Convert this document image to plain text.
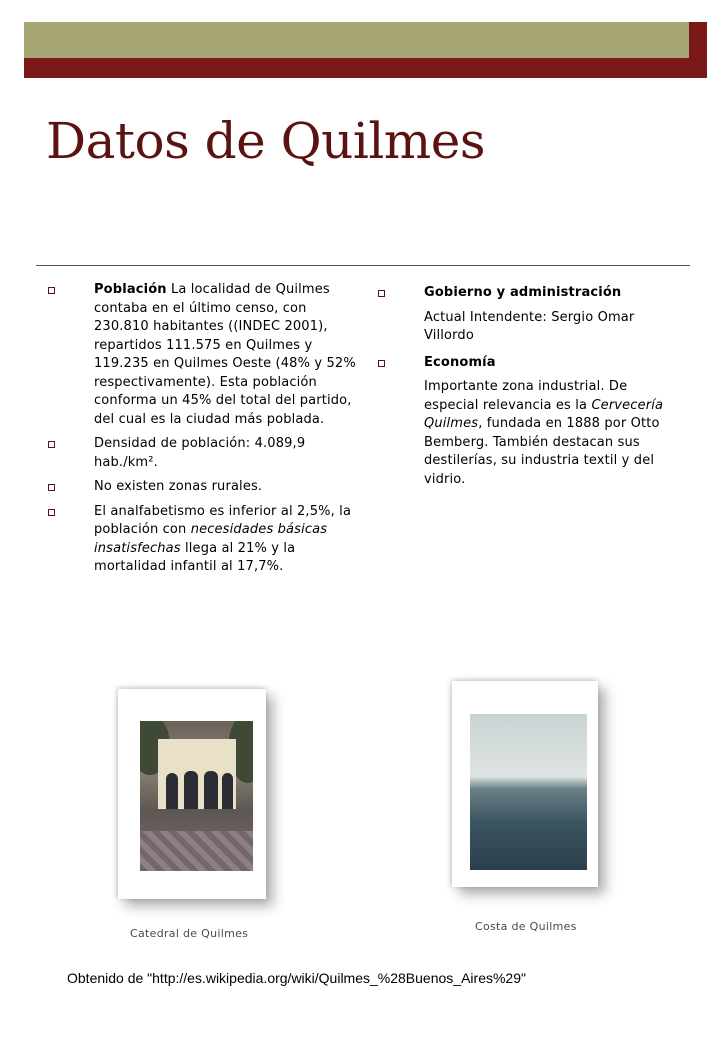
Datos de Quilmes
Población La localidad de Quilmes contaba en el último censo, con 230.810 habitantes ((INDEC 2001), repartidos 111.575 en Quilmes y 119.235 en Quilmes Oeste (48% y 52% respectivamente). Esta población conforma un 45% del total del partido, del cual es la ciudad más poblada.
Densidad de población: 4.089,9 hab./km².
No existen zonas rurales.
El analfabetismo es inferior al 2,5%, la población con necesidades básicas insatisfechas llega al 21% y la mortalidad infantil al 17,7%.
Gobierno y administración
Actual Intendente: Sergio Omar Villordo
Economía
Importante zona industrial. De especial relevancia es la Cervecería Quilmes, fundada en 1888 por Otto Bemberg. También destacan sus destilerías, su industria textil y del vidrio.

Catedral de Quilmes

Costa de Quilmes

Obtenido de "http://es.wikipedia.org/wiki/Quilmes_%28Buenos_Aires%29"
